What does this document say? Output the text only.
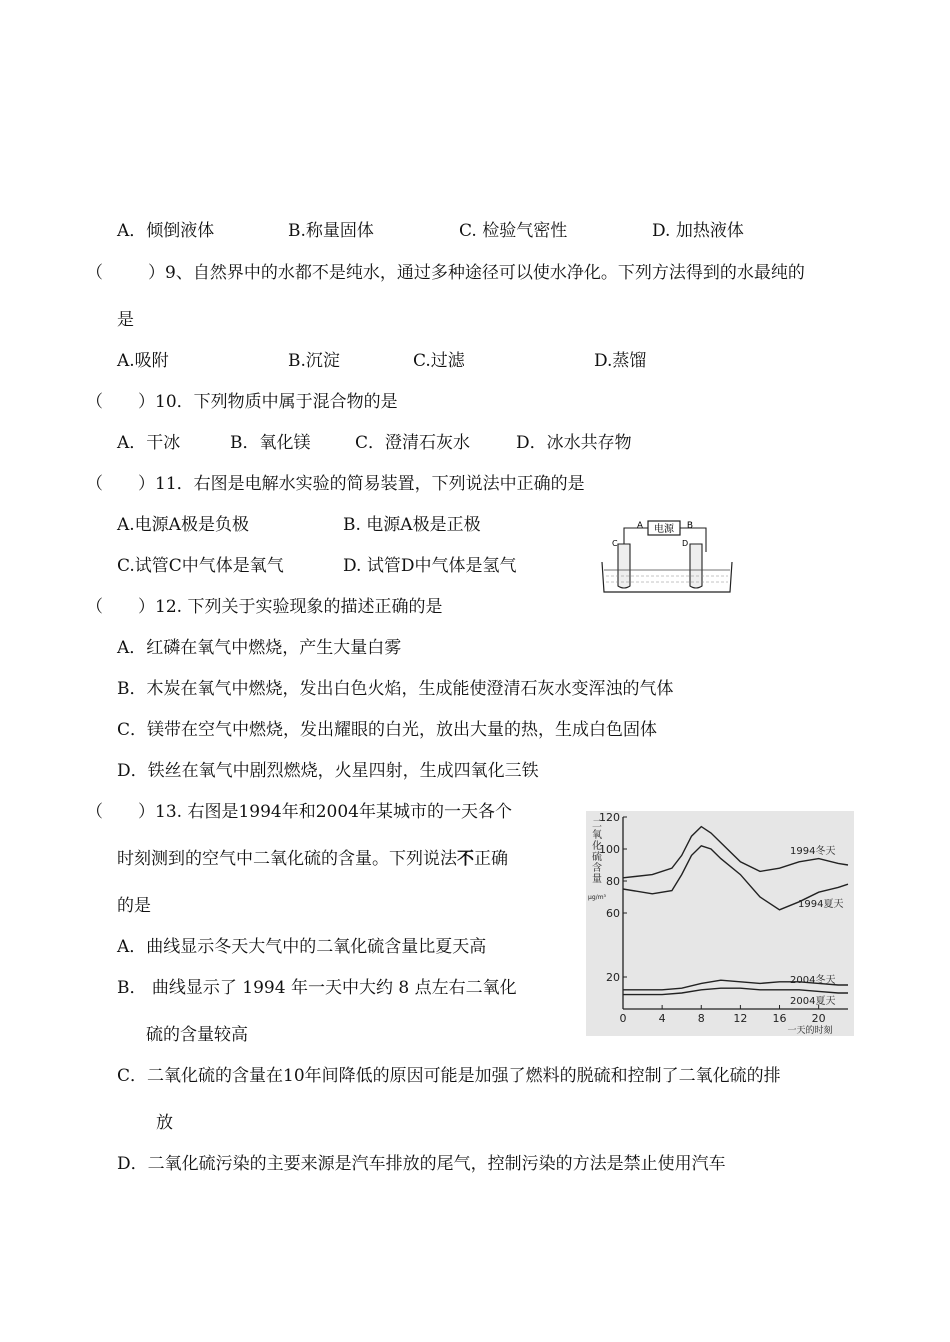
A．倾倒液体	B.称量固体	C. 检验气密性	D. 加热液体
（	）9、自然界中的水都不是纯水，通过多种途径可以使水净化。下列方法得到的水最纯的
是
A.吸附	B.沉淀	C.过滤	D.蒸馏
（ ）10．下列物质中属于混合物的是
A．干冰	B．氧化镁	C．澄清石灰水	D．冰水共存物
（ ）11．右图是电解水实验的简易装置，下列说法中正确的是
A.电源A极是负极	B. 电源A极是正极
C.试管C中气体是氧气	D. 试管D中气体是氢气
电源
A	B
C	D
（ ）12. 下列关于实验现象的描述正确的是
A．红磷在氧气中燃烧，产生大量白雾
B．木炭在氧气中燃烧，发出白色火焰，生成能使澄清石灰水变浑浊的气体
C．镁带在空气中燃烧，发出耀眼的白光，放出大量的热，生成白色固体
D．铁丝在氧气中剧烈燃烧，火星四射，生成四氧化三铁
（ ）13. 右图是1994年和2004年某城市的一天各个
时刻测到的空气中二氧化硫的含量。下列说法不正确
的是
A．曲线显示冬天大气中的二氧化硫含量比夏天高
B． 曲线显示了 1994 年一天中大约 8 点左右二氧化
硫的含量较高
C．二氧化硫的含量在10年间降低的原因可能是加强了燃料的脱硫和控制了二氧化硫的排
放
D．二氧化硫污染的主要来源是汽车排放的尾气，控制污染的方法是禁止使用汽车
20
60
80
100
120
0	4	8	12 16 20
一天的时刻
二
氧
化
硫
含
量
μg/m³
1994冬天
1994夏天
2004冬天
2004夏天
